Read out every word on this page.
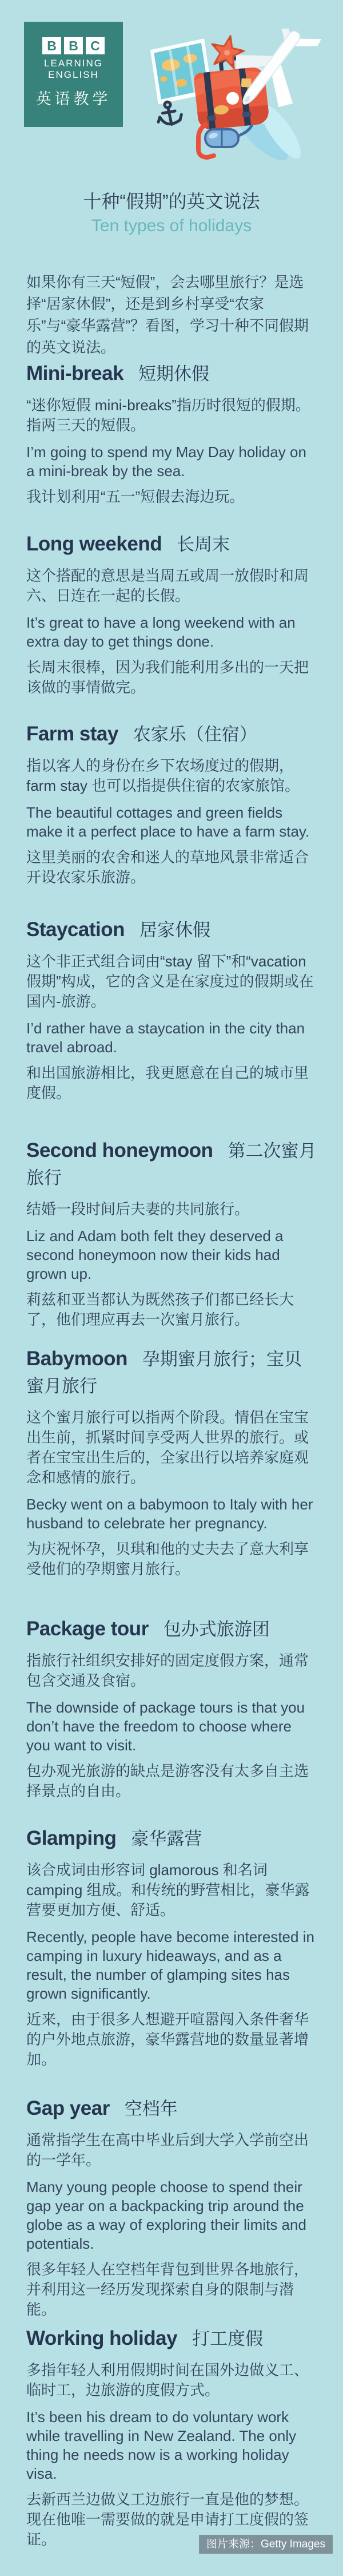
B B C
LEARNING
ENGLISH
英语教学
十种“假期”的英文说法
Ten types of holidays

如果你有三天“短假”，会去哪里旅行？是选择“居家休假”，还是到乡村享受“农家乐”与“豪华露营”？看图，学习十种不同假期的英文说法。

Mini-break 短期休假

“迷你短假 mini-breaks”指历时很短的假期。指两三天的短假。

I’m going to spend my May Day holiday on a mini-break by the sea.

我计划利用“五一”短假去海边玩。

Long weekend 长周末

这个搭配的意思是当周五或周一放假时和周六、日连在一起的长假。

It’s great to have a long weekend with an extra day to get things done.

长周末很棒，因为我们能利用多出的一天把该做的事情做完。

Farm stay 农家乐（住宿）

指以客人的身份在乡下农场度过的假期，farm stay 也可以指提供住宿的农家旅馆。

The beautiful cottages and green fields make it a perfect place to have a farm stay.

这里美丽的农舍和迷人的草地风景非常适合开设农家乐旅游。

Staycation 居家休假

这个非正式组合词由“stay 留下”和“vacation 假期”构成，它的含义是在家度过的假期或在国内-旅游。

I’d rather have a staycation in the city than travel abroad.

和出国旅游相比，我更愿意在自己的城市里度假。

Second honeymoon 第二次蜜月旅行

结婚一段时间后夫妻的共同旅行。

Liz and Adam both felt they deserved a second honeymoon now their kids had grown up.

莉兹和亚当都认为既然孩子们都已经长大了，他们理应再去一次蜜月旅行。

Babymoon 孕期蜜月旅行；宝贝蜜月旅行

这个蜜月旅行可以指两个阶段。情侣在宝宝出生前，抓紧时间享受两人世界的旅行。或者在宝宝出生后的，全家出行以培养家庭观念和感情的旅行。

Becky went on a babymoon to Italy with her husband to celebrate her pregnancy.

为庆祝怀孕，贝琪和他的丈夫去了意大利享受他们的孕期蜜月旅行。

Package tour 包办式旅游团

指旅行社组织安排好的固定度假方案，通常包含交通及食宿。

The downside of package tours is that you don’t have the freedom to choose where you want to visit.

包办观光旅游的缺点是游客没有太多自主选择景点的自由。

Glamping 豪华露营

该合成词由形容词 glamorous 和名词 camping 组成。和传统的野营相比，豪华露营要更加方便、舒适。

Recently, people have become interested in camping in luxury hideaways, and as a result, the number of glamping sites has grown significantly.

近来，由于很多人想避开喧嚣闯入条件奢华的户外地点旅游，豪华露营地的数量显著增加。

Gap year 空档年

通常指学生在高中毕业后到大学入学前空出的一学年。

Many young people choose to spend their gap year on a backpacking trip around the globe as a way of exploring their limits and potentials.

很多年轻人在空档年背包到世界各地旅行，并利用这一经历发现探索自身的限制与潜能。

Working holiday 打工度假

多指年轻人利用假期时间在国外边做义工、临时工，边旅游的度假方式。

It’s been his dream to do voluntary work while travelling in New Zealand. The only thing he needs now is a working holiday visa.

去新西兰边做义工边旅行一直是他的梦想。现在他唯一需要做的就是申请打工度假的签证。	图片来源：Getty Images
